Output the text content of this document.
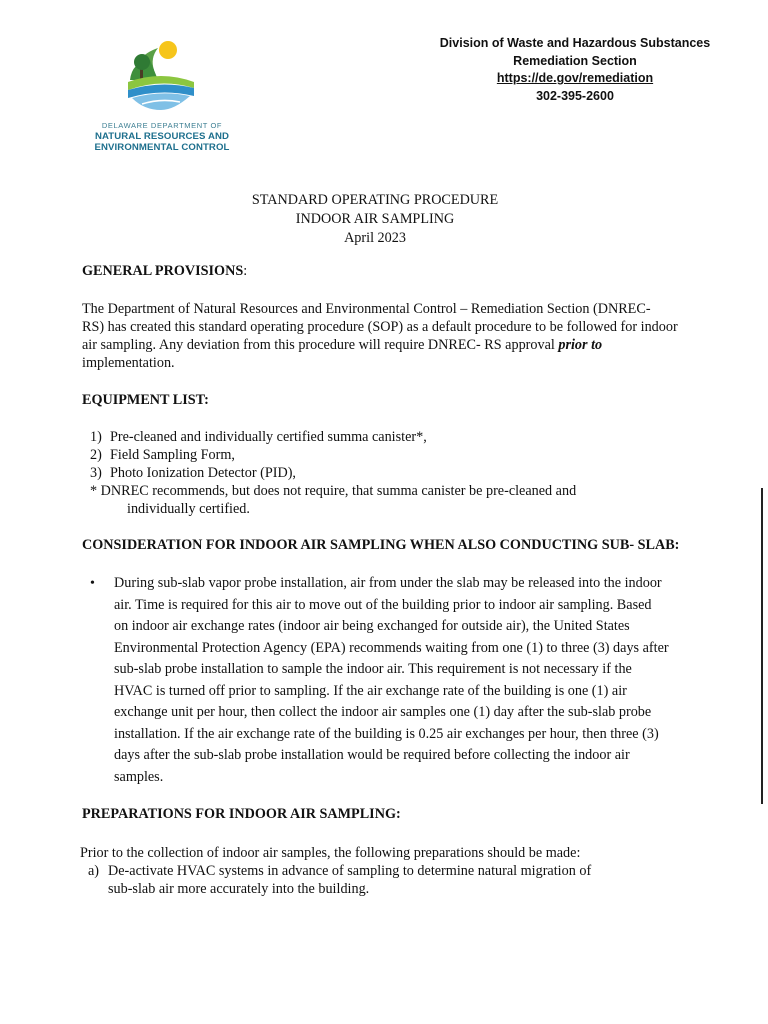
DELAWARE DEPARTMENT OF
NATURAL RESOURCES AND
ENVIRONMENTAL CONTROL
Division of Waste and Hazardous Substances
Remediation Section
https://de.gov/remediation
302-395-2600
STANDARD OPERATING PROCEDURE
INDOOR AIR SAMPLING
April 2023
GENERAL PROVISIONS:
The Department of Natural Resources and Environmental Control – Remediation Section (DNREC-
RS) has created this standard operating procedure (SOP) as a default procedure to be followed for indoor
air sampling. Any deviation from this procedure will require DNREC- RS approval prior to
implementation.
EQUIPMENT LIST:
1) Pre-cleaned and individually certified summa canister*,
2) Field Sampling Form,
3) Photo Ionization Detector (PID),
* DNREC recommends, but does not require, that summa canister be pre-cleaned and
individually certified.
CONSIDERATION FOR INDOOR AIR SAMPLING WHEN ALSO CONDUCTING SUB- SLAB:
• During sub-slab vapor probe installation, air from under the slab may be released into the indoor
air. Time is required for this air to move out of the building prior to indoor air sampling. Based
on indoor air exchange rates (indoor air being exchanged for outside air), the United States
Environmental Protection Agency (EPA) recommends waiting from one (1) to three (3) days after
sub-slab probe installation to sample the indoor air. This requirement is not necessary if the
HVAC is turned off prior to sampling. If the air exchange rate of the building is one (1) air
exchange unit per hour, then collect the indoor air samples one (1) day after the sub-slab probe
installation. If the air exchange rate of the building is 0.25 air exchanges per hour, then three (3)
days after the sub-slab probe installation would be required before collecting the indoor air
samples.
PREPARATIONS FOR INDOOR AIR SAMPLING:
Prior to the collection of indoor air samples, the following preparations should be made:
a) De-activate HVAC systems in advance of sampling to determine natural migration of
sub-slab air more accurately into the building.
